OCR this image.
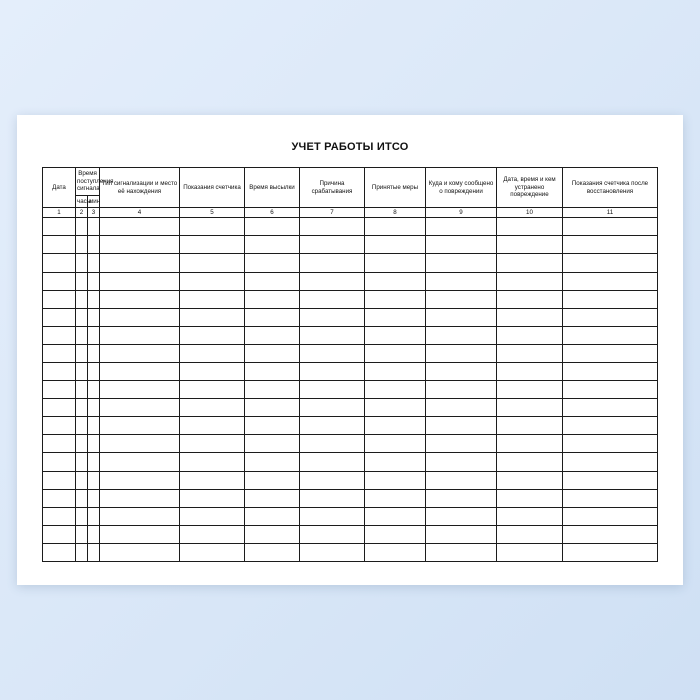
УЧЕТ РАБОТЫ ИТСО
Дата	Время поступления сигнала		Тип сигнализации и место её нахождения	Показания счетчика	Время высылки	Причина срабатывания	Принятые меры	Куда и кому сообщено о повреждении	Дата, время и кем устранено повреждение	Показания счетчика после восстановления
	часы	мин								
1	2	3	4	5	6	7	8	9	10	11
